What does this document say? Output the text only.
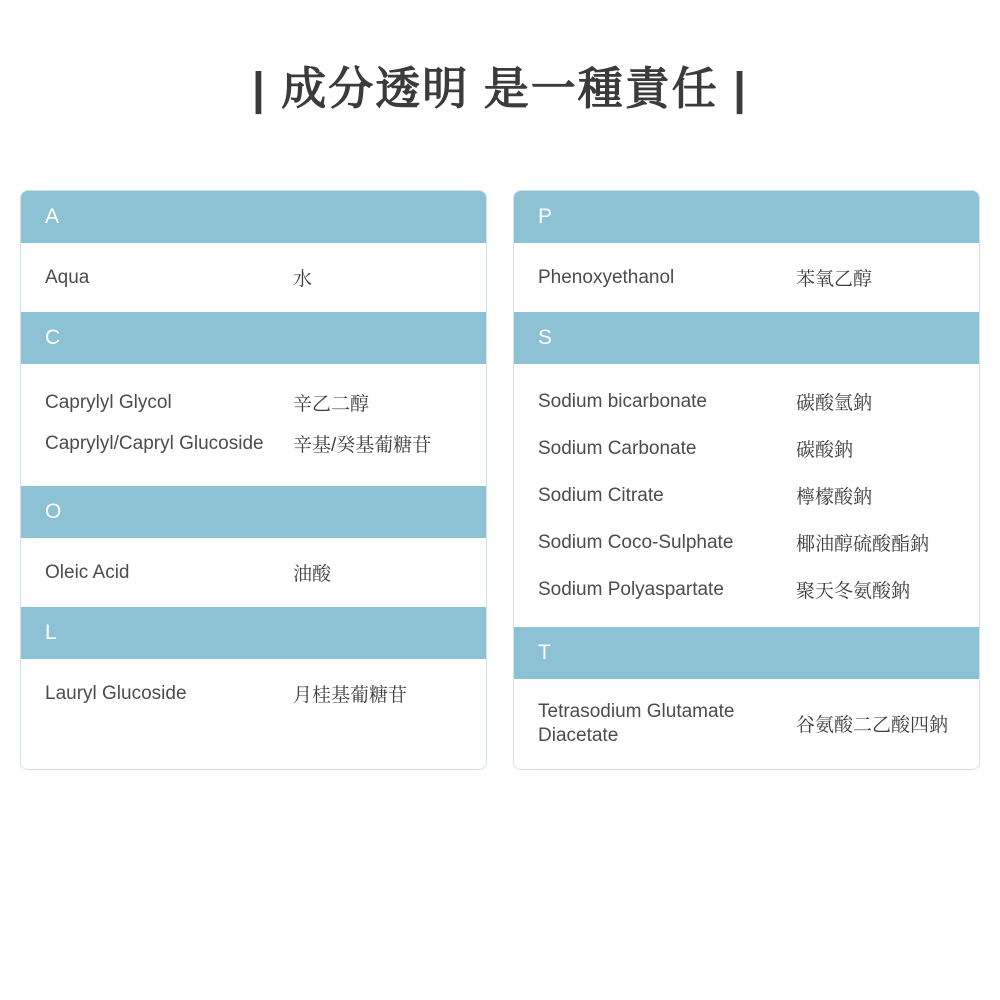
| 成分透明 是一種責任 |
A
Aqua	水
C
Caprylyl Glycol	辛乙二醇
Caprylyl/Capryl Glucoside	辛基/癸基葡糖苷
O
Oleic Acid	油酸
L
Lauryl Glucoside	月桂基葡糖苷
P
Phenoxyethanol	苯氧乙醇
S
Sodium bicarbonate	碳酸氫鈉
Sodium Carbonate	碳酸鈉
Sodium Citrate	檸檬酸鈉
Sodium Coco-Sulphate	椰油醇硫酸酯鈉
Sodium Polyaspartate	聚天冬氨酸鈉
T
Tetrasodium Glutamate Diacetate	谷氨酸二乙酸四鈉
